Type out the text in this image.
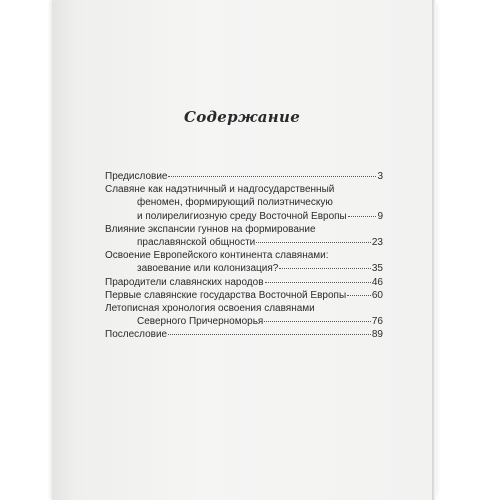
Содержание
Предисловие	3
Славяне как надэтничный и надгосударственный
феномен, формирующий полиэтническую
и полирелигиозную среду Восточной Европы	9
Влияние экспансии гуннов на формирование
праславянской общности	23
Освоение Европейского континента славянами:
завоевание или колонизация?	35
Прародители славянских народов	46
Первые славянские государства Восточной Европы	60
Летописная хронология освоения славянами
Северного Причерноморья	76
Послесловие	89
